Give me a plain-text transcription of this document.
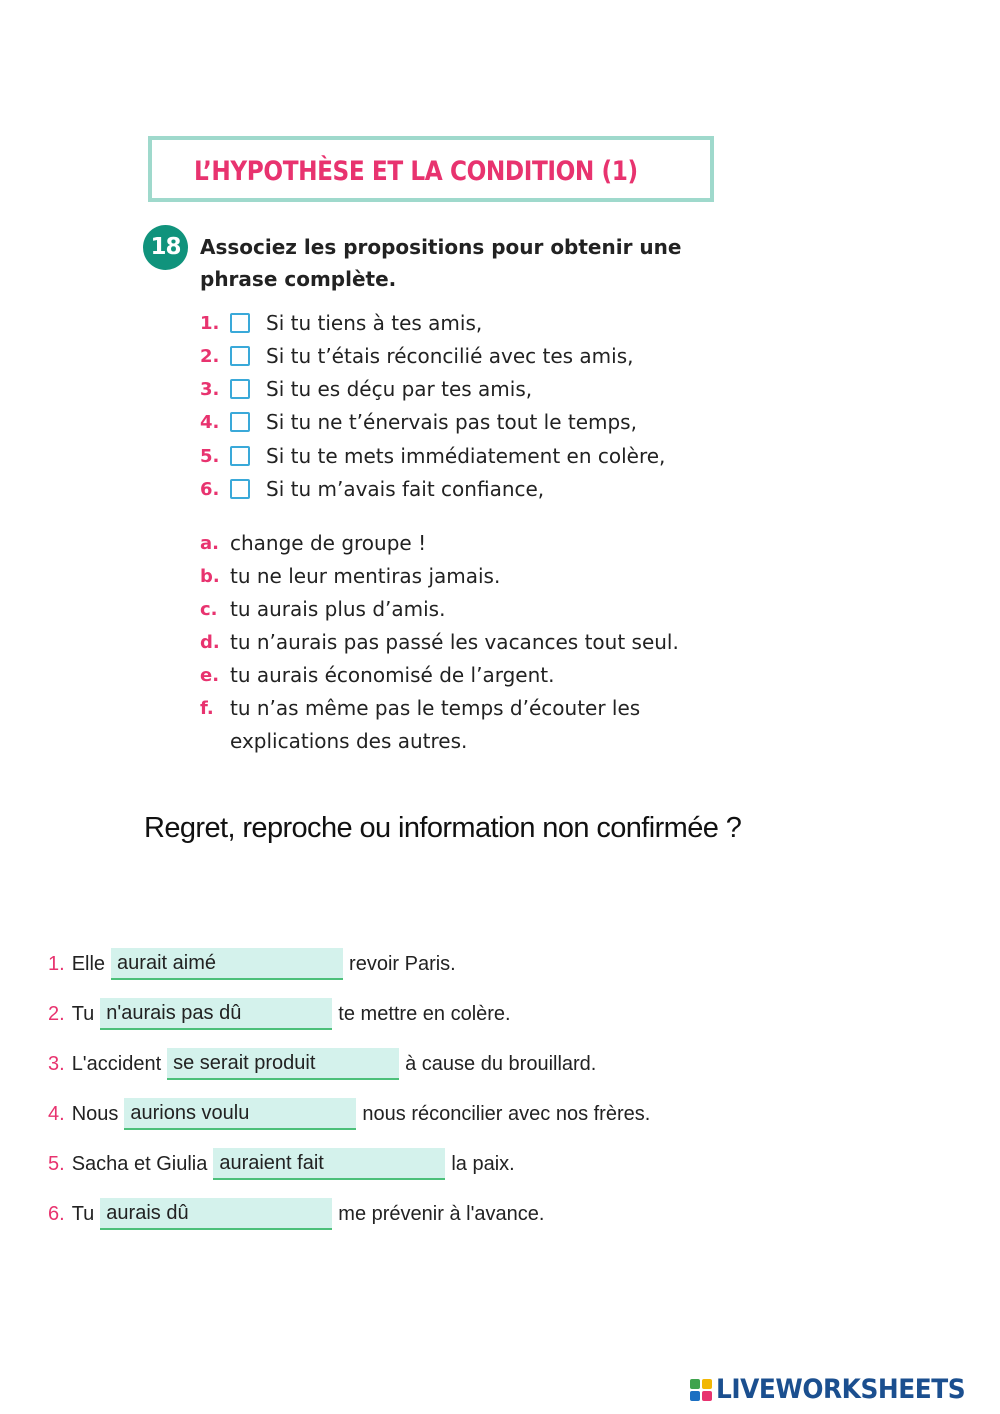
L’HYPOTHÈSE ET LA CONDITION (1)
18 Associez les propositions pour obtenir une
phrase complète.
1.	Si tu tiens à tes amis,
2.	Si tu t’étais réconcilié avec tes amis,
3.	Si tu es déçu par tes amis,
4.	Si tu ne t’énervais pas tout le temps,
5.	Si tu te mets immédiatement en colère,
6.	Si tu m’avais fait confiance,
a. change de groupe !
b. tu ne leur mentiras jamais.
c. tu aurais plus d’amis.
d. tu n’aurais pas passé les vacances tout seul.
e. tu aurais économisé de l’argent.
f. tu n’as même pas le temps d’écouter les
explications des autres.
Regret, reproche ou information non confirmée ?
1. Elle aurait aimé	revoir Paris.
2. Tu n'aurais pas dû	te mettre en colère.
3. L'accident se serait produit	à cause du brouillard.
4. Nous aurions voulu	nous réconcilier avec nos frères.
5. Sacha et Giulia auraient fait	la paix.
6. Tu aurais dû	me prévenir à l'avance.
LIVEWORKSHEETS
